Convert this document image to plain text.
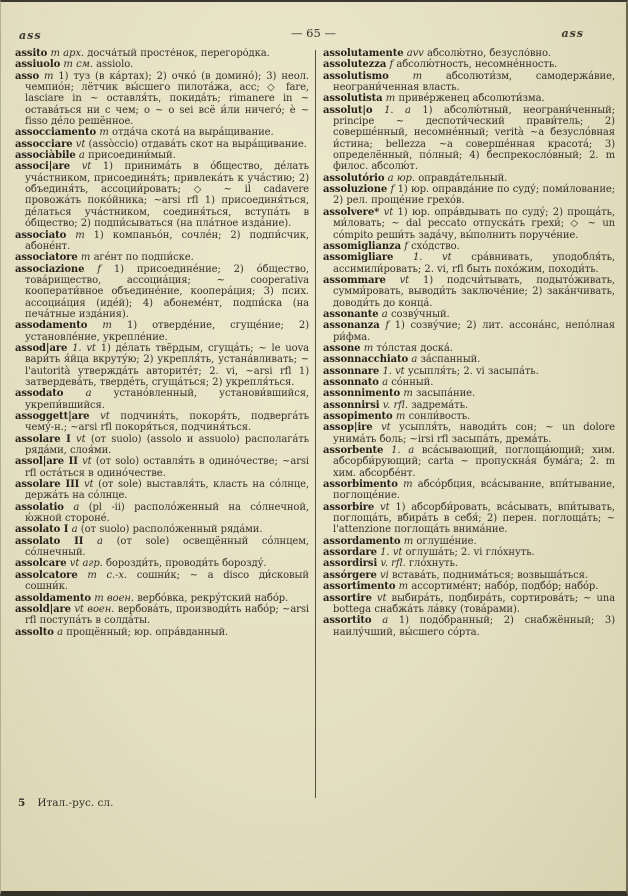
ass	— 65 —	ass

assito m арх. досча́тый просте́нок, перегоро́дка.

assiuolo m см. assiolo.

asso m 1) туз (в ка́ртах); 2) очко́ (в домино́); 3) неол. чемпио́н; лётчик вы́сшего пилота́жа, асс; ◇ fare, lasciare in ~ оставля́ть, покида́ть; rimanere in ~ остава́ться ни с чем; o ~ o sei всё и́ли ничего́; è ~ fisso де́ло решённое.

assocciamento m отда́ча скота́ на выра́щивание.

assocciare vt (assòccio) отдава́ть скот на выра́щивание.

associàbile a присоедини́мый.

associ|are vt 1) принима́ть в о́бщество, де́лать уча́стником, присоединя́ть; привлека́ть к уча́стию; 2) объединя́ть, ассоции́ровать; ◇ ~ il cadavere провожа́ть поко́йника; ~arsi rfl 1) присоединя́ться, де́латься уча́стником, соединя́ться, вступа́ть в о́бщество; 2) подпи́сываться (на пла́тное изда́ние).

associato m 1) компаньо́н, сочле́н; 2) подпи́счик, абоне́нт.

associatore m аге́нт по подпи́ске.

associazione f 1) присоедине́ние; 2) о́бщество, това́рищество, ассоциа́ция; ~ cooperativa кооперати́вное объедине́ние, коопера́ция; 3) псих. ассоциа́ция (иде́й); 4) абонеме́нт, подпи́ска (на печа́тные изда́ния).

assodamento m 1) отверде́ние, сгуще́ние; 2) установле́ние, укрепле́ние.

assod|are 1. vt 1) де́лать твёрдым, сгуща́ть; ~ le uova вари́ть я́йца вкруту́ю; 2) укрепля́ть, устана́вливать; ~ l'autorità утвержда́ть авторите́т; 2. vi, ~arsi rfl 1) затвердева́ть, тверде́ть, сгуща́ться; 2) укрепля́ться.

assodato a устано́вленный, установи́вшийся, укрепи́вшийся.

assoggett|are vt подчиня́ть, покоря́ть, подверга́ть чему́-н.; ~arsi rfl покоря́ться, подчиня́ться.

assolare I vt (от suolo) (assolo и assuolo) располага́ть ряда́ми, слоя́ми.

assol|are II vt (от solo) оставля́ть в одино́честве; ~arsi rfl оста́ться в одино́честве.

assolare III vt (от sole) выставля́ть, класть на со́лнце, держа́ть на со́лнце.

assolatio a (pl -ii) располо́женный на со́лнечной, ю́жной стороне́.

assolato I a (от suolo) располо́женный ряда́ми.

assolato II a (от sole) освещённый со́лнцем, со́лнечный.

assolcare vt агр. борозди́ть, проводи́ть борозду́.

assolcatore m с.-х. сошни́к; ~ a disco ди́сковый сошни́к.

assoldamento m воен. вербо́вка, рекру́тский набо́р.

assold|are vt воен. вербова́ть, производи́ть набо́р; ~arsi rfl поступа́ть в солда́ты.

assolto a прощённый; юр. опра́вданный.

assolutamente avv абсолю́тно, безусло́вно.

assolutezza f абсолю́тность, несомне́нность.

assolutismo m абсолюти́зм, самодержа́вие, неограни́ченная власть.

assolutista m приве́рженец абсолюти́зма.

assolut|o 1. a 1) абсолю́тный, неограни́ченный; principe ~ деспоти́ческий прави́тель; 2) соверше́нный, несомне́нный; verità ~a безусло́вная и́стина; bellezza ~a соверше́нная красота́; 3) определённый, по́лный; 4) беспрекосло́вный; 2. m филос. абсолю́т.

assolutório a юр. оправда́тельный.

assoluzione f 1) юр. оправда́ние по суду́; поми́лование; 2) рел. проще́ние грехо́в.

assolvere* vt 1) юр. опра́вдывать по суду́; 2) проща́ть, ми́ловать; ~ dal peccato отпуска́ть грехи́; ◇ ~ un cómpito реши́ть зада́чу, вы́полнить поруче́ние.

assomiglianza f схо́дство.

assomigliare 1. vt сра́внивать, уподобля́ть, ассимили́ровать; 2. vi, rfl быть похо́жим, походи́ть.

assommare vt 1) подсчи́тывать, подыто́живать, сумми́ровать, выводи́ть заключе́ние; 2) зака́нчивать, доводи́ть до конца́.

assonante a созву́чный.

assonanza f 1) созву́чие; 2) лит. ассона́нс, непо́лная ри́фма.

assone m то́лстая доска́.

assonnacchiato a за́спанный.

assonnare 1. vt усыпля́ть; 2. vi засыпа́ть.

assonnato a со́нный.

assonnimento m засыпа́ние.

assonnirsi v. rfl. задрема́ть.

assopimento m сонли́вость.

assop|ire vt усыпля́ть, наводи́ть сон; ~ un dolore унима́ть боль; ~irsi rfl засыпа́ть, дрема́ть.

assorbente 1. a вса́сывающий, поглоща́ющий; хим. абсорби́рующий; carta ~ пропускна́я бума́га; 2. m хим. абсорбе́нт.

assorbimento m абсо́рбция, вса́сывание, впи́тывание, поглоще́ние.

assorbire vt 1) абсорби́ровать, вса́сывать, впи́тывать, поглоща́ть, вбира́ть в себя́; 2) перен. поглоща́ть; ~ l'attenzione поглоща́ть внима́ние.

assordamento m оглуше́ние.

assordare 1. vt оглуша́ть; 2. vi гло́хнуть.

assordirsi v. rfl. гло́хнуть.

assórgere vi встава́ть, поднима́ться; возвыша́ться.

assortimento m ассортиме́нт; набо́р, подбо́р; набо́р.

assortire vt выбира́ть, подбира́ть, сортирова́ть; ~ una bottega снабжа́ть ла́вку (това́рами).

assortito a 1) подо́бранный; 2) снабжённый; 3) наилу́чший, вы́сшего со́рта.

5 Итал.-рус. сл.
